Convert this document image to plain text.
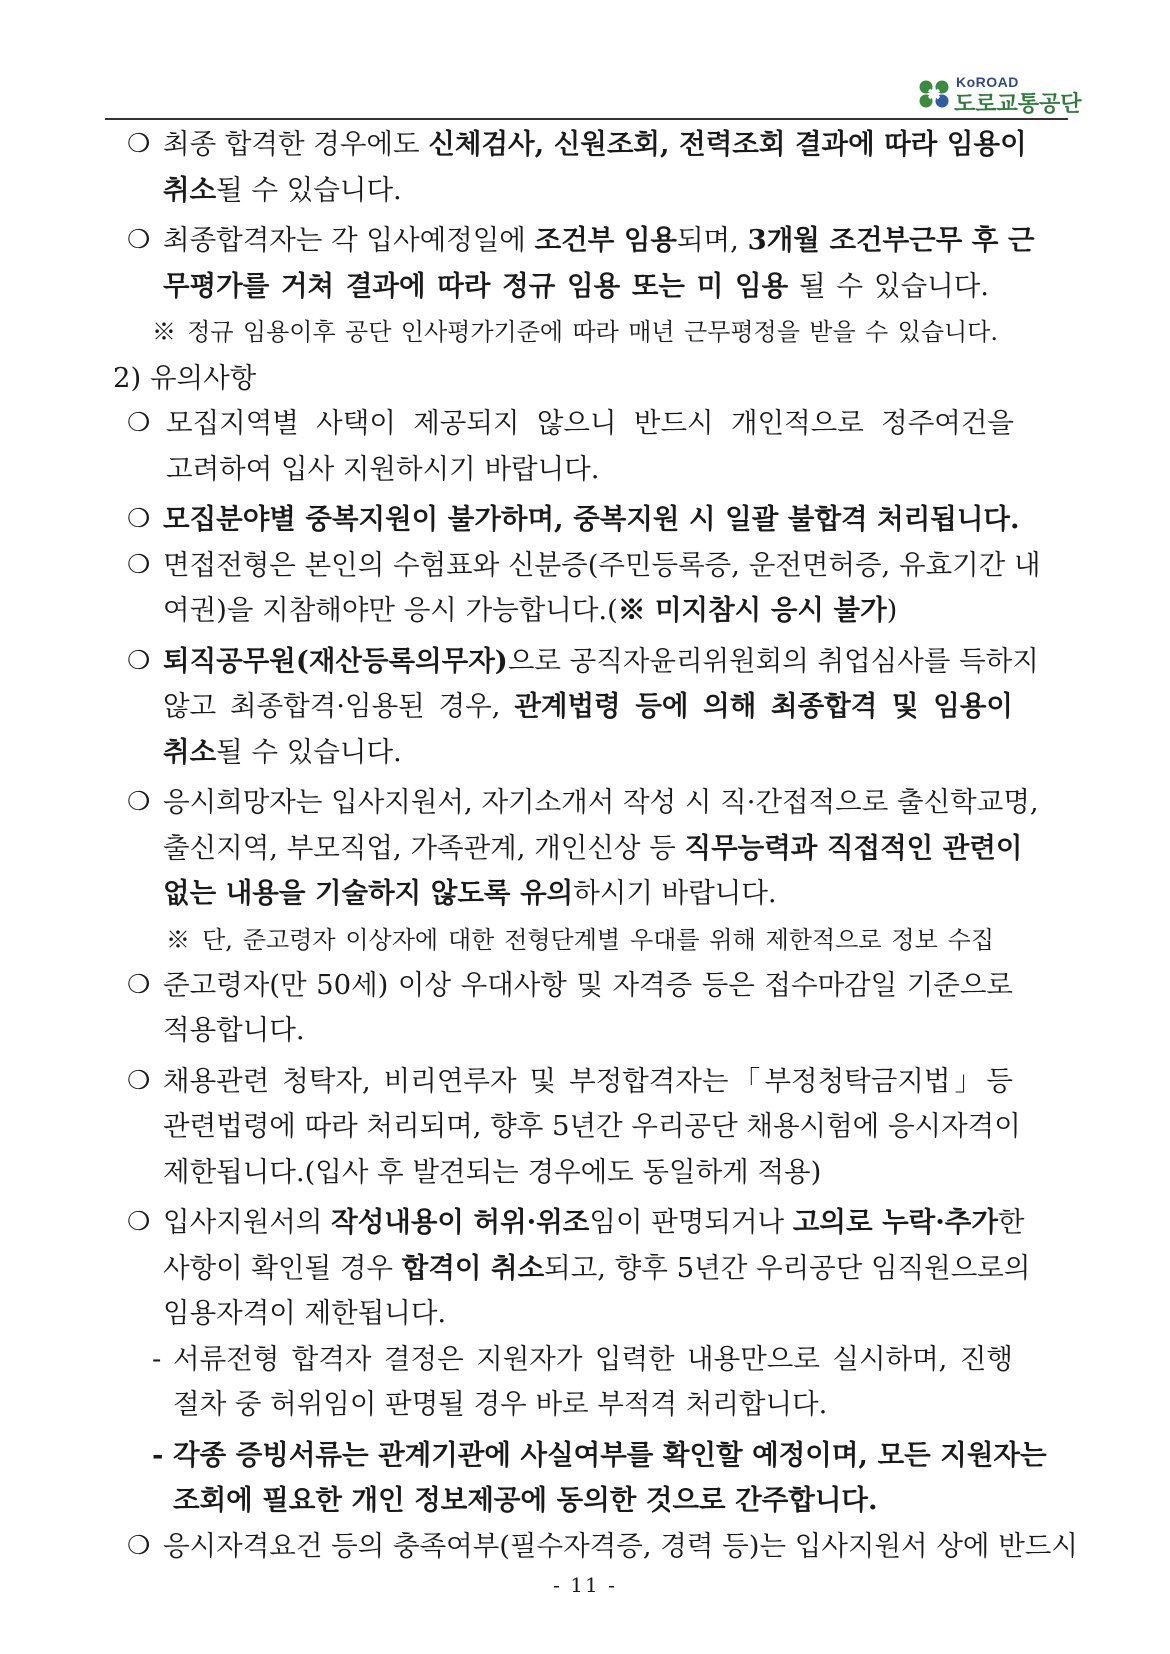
KoROAD
도로교통공단
❍ 최종 합격한 경우에도 신체검사, 신원조회, 전력조회 결과에 따라 임용이
취소될 수 있습니다.
❍ 최종합격자는 각 입사예정일에 조건부 임용되며, 3개월 조건부근무 후 근
무평가를 거쳐 결과에 따라 정규 임용 또는 미 임용 될 수 있습니다.
※ 정규 임용이후 공단 인사평가기준에 따라 매년 근무평정을 받을 수 있습니다.
2) 유의사항
❍ 모집지역별 사택이 제공되지 않으니 반드시 개인적으로 정주여건을
고려하여 입사 지원하시기 바랍니다.
❍ 모집분야별 중복지원이 불가하며, 중복지원 시 일괄 불합격 처리됩니다.
❍ 면접전형은 본인의 수험표와 신분증(주민등록증, 운전면허증, 유효기간 내
여권)을 지참해야만 응시 가능합니다.(※ 미지참시 응시 불가)
❍ 퇴직공무원(재산등록의무자)으로 공직자윤리위원회의 취업심사를 득하지
않고 최종합격·임용된 경우, 관계법령 등에 의해 최종합격 및 임용이
취소될 수 있습니다.
❍ 응시희망자는 입사지원서, 자기소개서 작성 시 직·간접적으로 출신학교명,
출신지역, 부모직업, 가족관계, 개인신상 등 직무능력과 직접적인 관련이
없는 내용을 기술하지 않도록 유의하시기 바랍니다.
※ 단, 준고령자 이상자에 대한 전형단계별 우대를 위해 제한적으로 정보 수집
❍ 준고령자(만 50세) 이상 우대사항 및 자격증 등은 접수마감일 기준으로
적용합니다.
❍ 채용관련 청탁자, 비리연루자 및 부정합격자는「부정청탁금지법」등
관련법령에 따라 처리되며, 향후 5년간 우리공단 채용시험에 응시자격이
제한됩니다.(입사 후 발견되는 경우에도 동일하게 적용)
❍ 입사지원서의 작성내용이 허위·위조임이 판명되거나 고의로 누락·추가한
사항이 확인될 경우 합격이 취소되고, 향후 5년간 우리공단 임직원으로의
임용자격이 제한됩니다.
- 서류전형 합격자 결정은 지원자가 입력한 내용만으로 실시하며, 진행
절차 중 허위임이 판명될 경우 바로 부적격 처리합니다.
- 각종 증빙서류는 관계기관에 사실여부를 확인할 예정이며, 모든 지원자는
조회에 필요한 개인 정보제공에 동의한 것으로 간주합니다.
❍ 응시자격요건 등의 충족여부(필수자격증, 경력 등)는 입사지원서 상에 반드시
- 11 -
